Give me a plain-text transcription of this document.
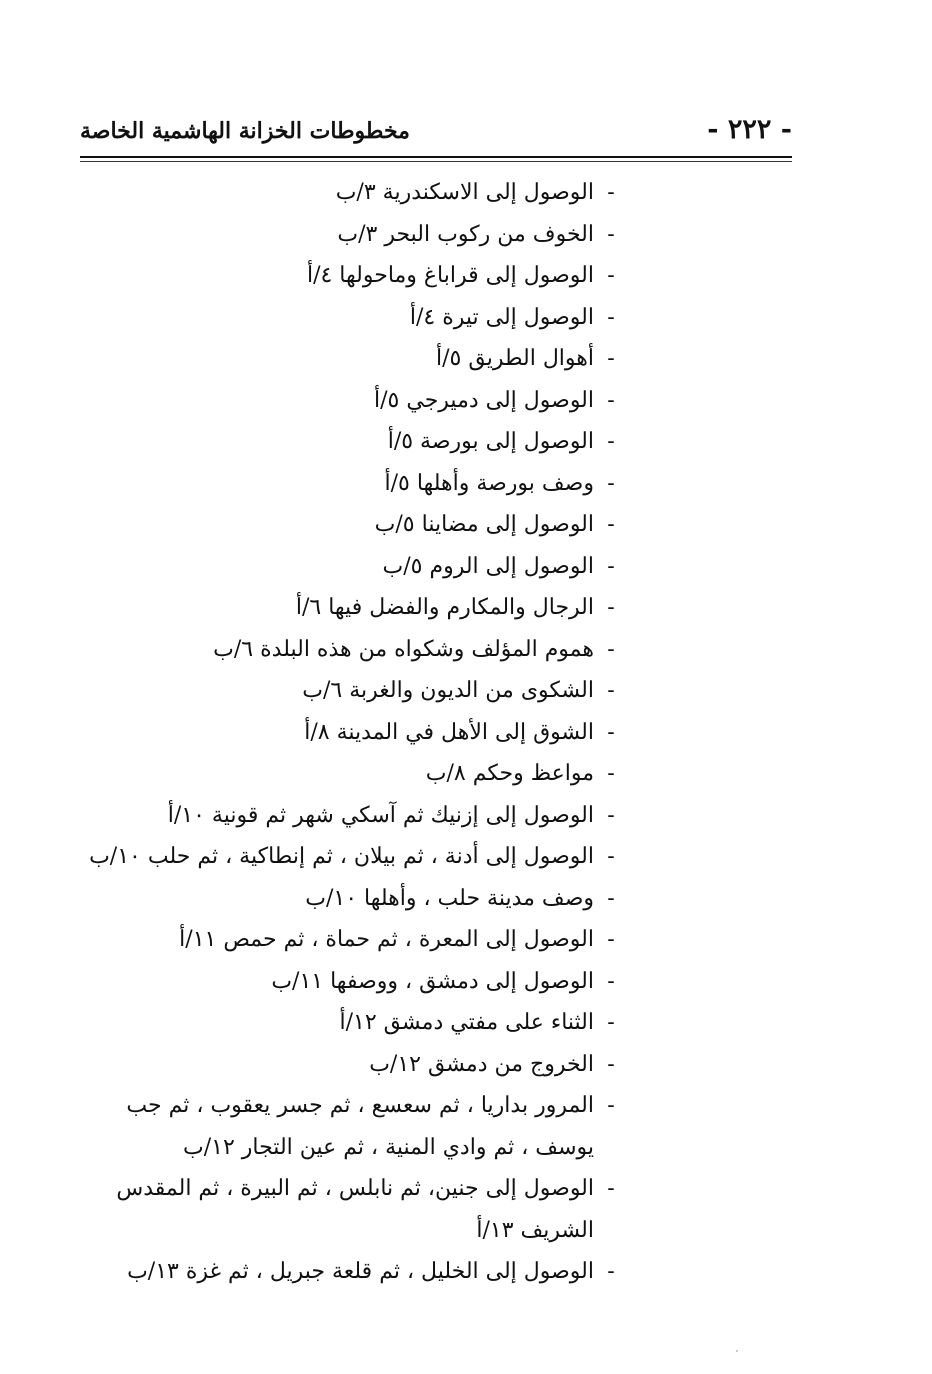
- ٢٢٢ -
مخطوطات الخزانة الهاشمية الخاصة
-
الوصول إلى الاسكندرية ٣/ب
-
الخوف من ركوب البحر ٣/ب
-
الوصول إلى قراباغ وماحولها ٤/أ
-
الوصول إلى تيرة ٤/أ
-
أهوال الطريق ٥/أ
-
الوصول إلى دميرجي ٥/أ
-
الوصول إلى بورصة ٥/أ
-
وصف بورصة وأهلها ٥/أ
-
الوصول إلى مضاينا ٥/ب
-
الوصول إلى الروم ٥/ب
-
الرجال والمكارم والفضل فيها ٦/أ
-
هموم المؤلف وشكواه من هذه البلدة ٦/ب
-
الشكوى من الديون والغربة ٦/ب
-
الشوق إلى الأهل في المدينة ٨/أ
-
مواعظ وحكم ٨/ب
-
الوصول إلى إزنيك ثم آسكي شهر ثم قونية ١٠/أ
-
الوصول إلى أدنة ، ثم بيلان ، ثم إنطاكية ، ثم حلب ١٠/ب
-
وصف مدينة حلب ، وأهلها ١٠/ب
-
الوصول إلى المعرة ، ثم حماة ، ثم حمص ١١/أ
-
الوصول إلى دمشق ، ووصفها ١١/ب
-
الثناء على مفتي دمشق ١٢/أ
-
الخروج من دمشق ١٢/ب
-
المرور بداريا ، ثم سعسع ، ثم جسر يعقوب ، ثم جب
يوسف ، ثم وادي المنية ، ثم عين التجار ١٢/ب
-
الوصول إلى جنين، ثم نابلس ، ثم البيرة ، ثم المقدس
الشريف ١٣/أ
-
الوصول إلى الخليل ، ثم قلعة جبريل ، ثم غزة ١٣/ب
